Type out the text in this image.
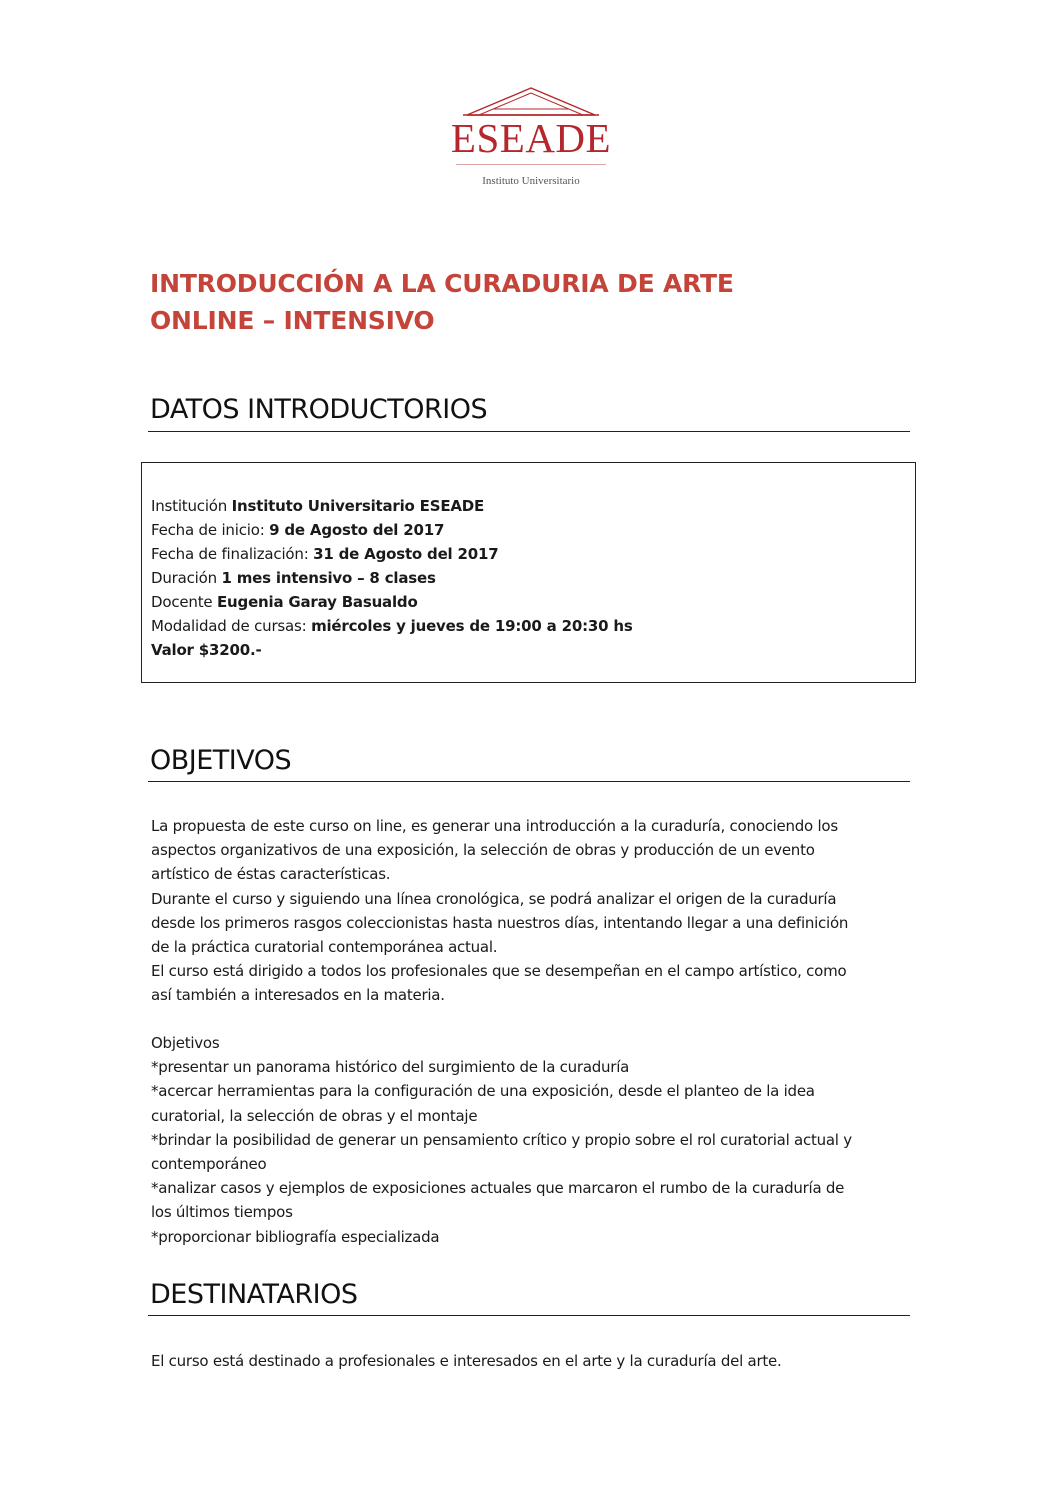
ESEADE
Instituto Universitario
INTRODUCCIÓN A LA CURADURIA DE ARTE
ONLINE – INTENSIVO
DATOS INTRODUCTORIOS
Institución Instituto Universitario ESEADE
Fecha de inicio: 9 de Agosto del 2017
Fecha de finalización: 31 de Agosto del 2017
Duración 1 mes intensivo – 8 clases
Docente Eugenia Garay Basualdo
Modalidad de cursas: miércoles y jueves de 19:00 a 20:30 hs
Valor $3200.-
OBJETIVOS
La propuesta de este curso on line, es generar una introducción a la curaduría, conociendo los
aspectos organizativos de una exposición, la selección de obras y producción de un evento
artístico de éstas características.
Durante el curso y siguiendo una línea cronológica, se podrá analizar el origen de la curaduría
desde los primeros rasgos coleccionistas hasta nuestros días, intentando llegar a una definición
de la práctica curatorial contemporánea actual.
El curso está dirigido a todos los profesionales que se desempeñan en el campo artístico, como
así también a interesados en la materia.
Objetivos
*presentar un panorama histórico del surgimiento de la curaduría
*acercar herramientas para la configuración de una exposición, desde el planteo de la idea
curatorial, la selección de obras y el montaje
*brindar la posibilidad de generar un pensamiento crítico y propio sobre el rol curatorial actual y
contemporáneo
*analizar casos y ejemplos de exposiciones actuales que marcaron el rumbo de la curaduría de
los últimos tiempos
*proporcionar bibliografía especializada
DESTINATARIOS
El curso está destinado a profesionales e interesados en el arte y la curaduría del arte.
